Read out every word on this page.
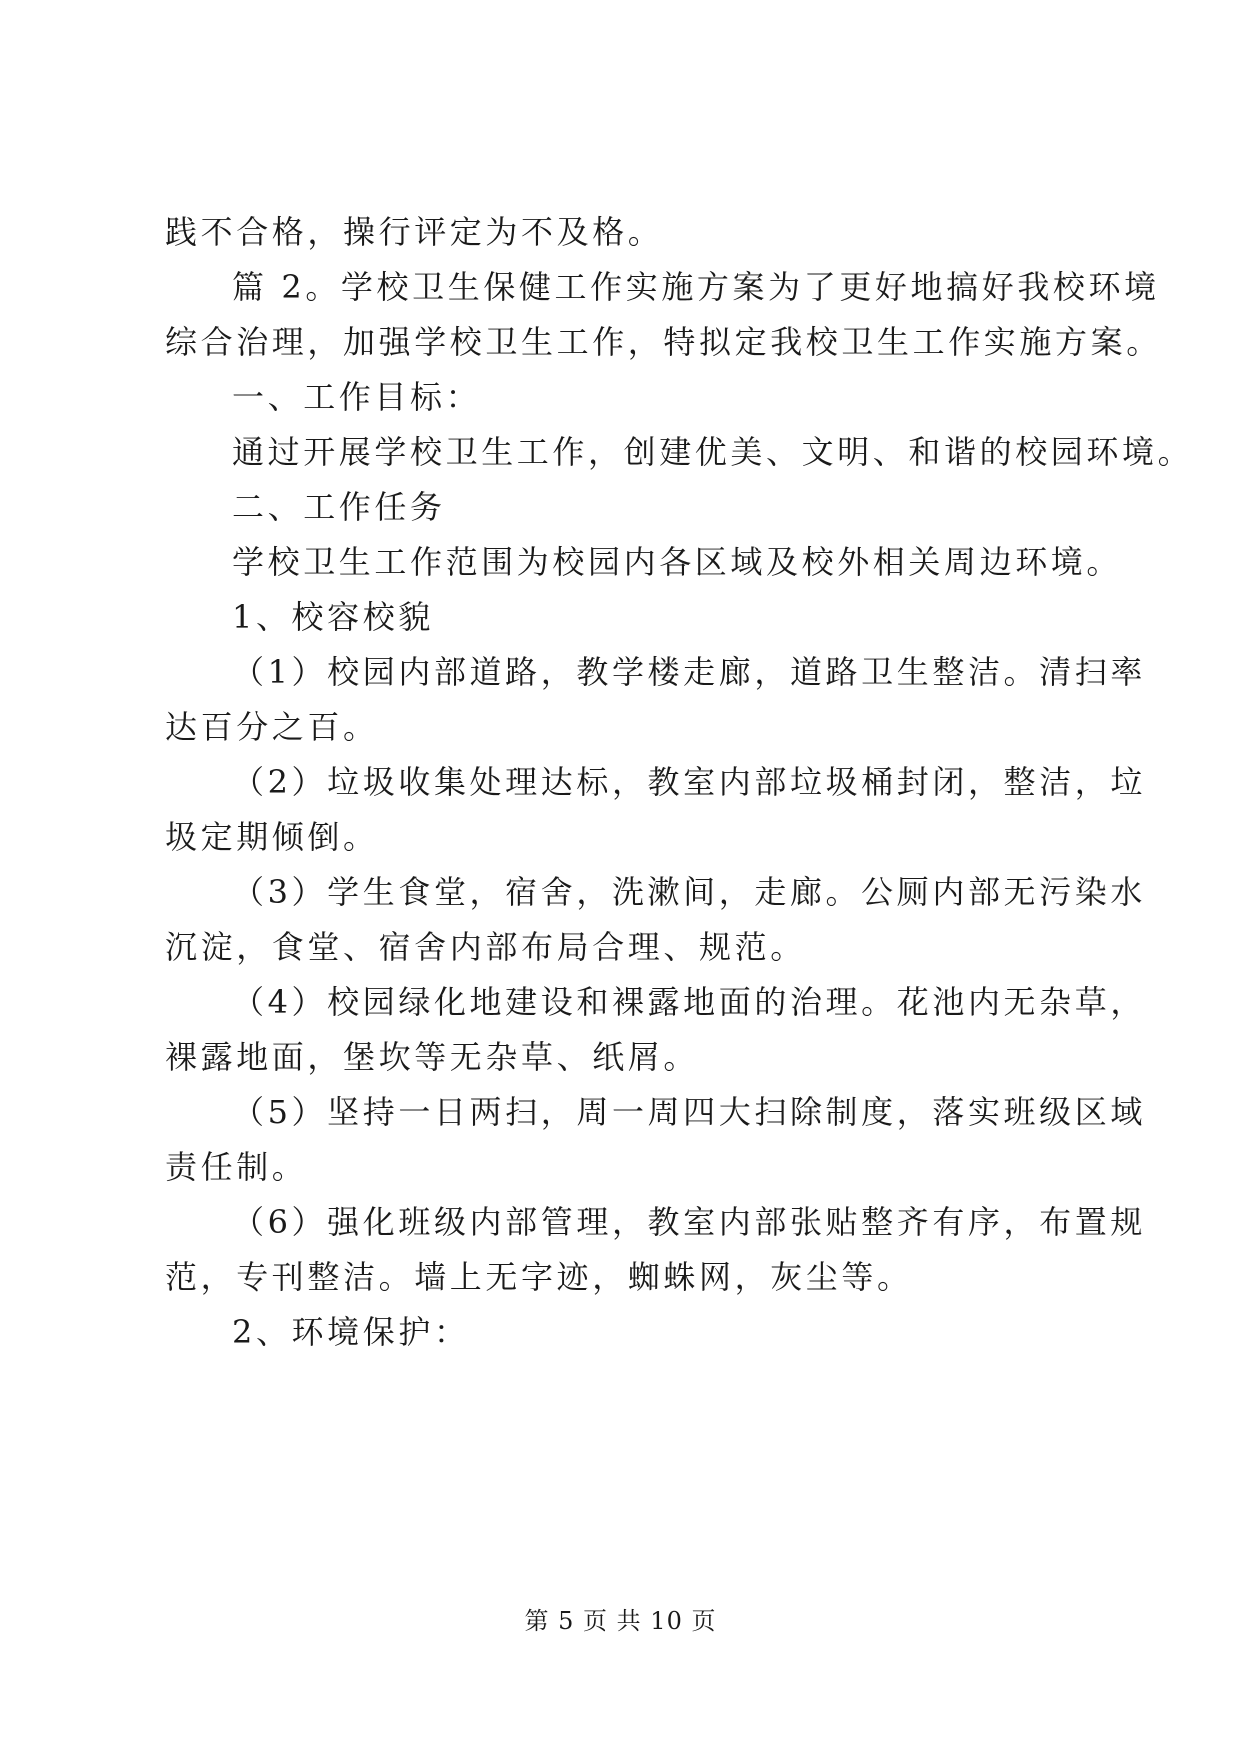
践不合格，操行评定为不及格。
篇 2。学校卫生保健工作实施方案为了更好地搞好我校环境
综合治理，加强学校卫生工作，特拟定我校卫生工作实施方案。
一、工作目标：
通过开展学校卫生工作，创建优美、文明、和谐的校园环境。
二、工作任务
学校卫生工作范围为校园内各区域及校外相关周边环境。
1、校容校貌
（1）校园内部道路，教学楼走廊，道路卫生整洁。清扫率
达百分之百。
（2）垃圾收集处理达标，教室内部垃圾桶封闭，整洁，垃
圾定期倾倒。
（3）学生食堂，宿舍，洗漱间，走廊。公厕内部无污染水
沉淀，食堂、宿舍内部布局合理、规范。
（4）校园绿化地建设和裸露地面的治理。花池内无杂草，
裸露地面，堡坎等无杂草、纸屑。
（5）坚持一日两扫，周一周四大扫除制度，落实班级区域
责任制。
（6）强化班级内部管理，教室内部张贴整齐有序，布置规
范，专刊整洁。墙上无字迹，蜘蛛网，灰尘等。
2、环境保护：
第 5 页 共 10 页
